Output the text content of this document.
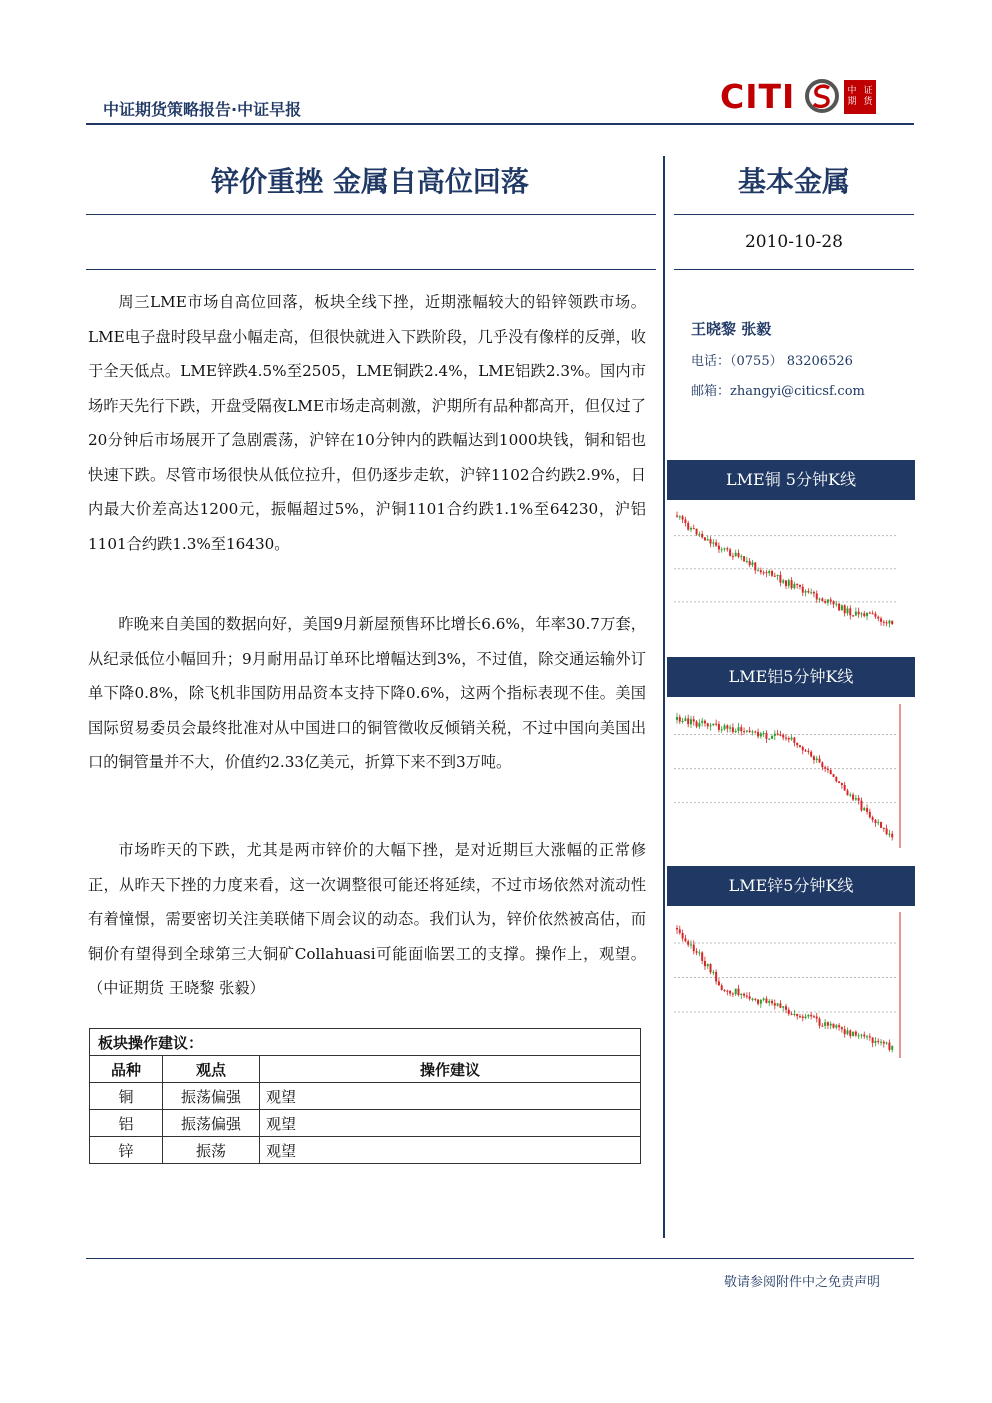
中证期货策略报告·中证早报	CITI	中 证
期 货
锌价重挫 金属自高位回落	基本金属
2010-10-28
王晓黎 张毅
电话：（0755） 83206526
邮箱：zhangyi@citicsf.com

周三LME市场自高位回落，板块全线下挫，近期涨幅较大的铅锌领跌市场。LME电子盘时段早盘小幅走高，但很快就进入下跌阶段，几乎没有像样的反弹，收于全天低点。LME锌跌4.5%至2505，LME铜跌2.4%，LME铝跌2.3%。国内市场昨天先行下跌，开盘受隔夜LME市场走高刺激，沪期所有品种都高开，但仅过了20分钟后市场展开了急剧震荡，沪锌在10分钟内的跌幅达到1000块钱，铜和铝也快速下跌。尽管市场很快从低位拉升，但仍逐步走软，沪锌1102合约跌2.9%，日内最大价差高达1200元，振幅超过5%，沪铜1101合约跌1.1%至64230，沪铝1101合约跌1.3%至16430。

昨晚来自美国的数据向好，美国9月新屋预售环比增长6.6%，年率30.7万套，从纪录低位小幅回升；9月耐用品订单环比增幅达到3%，不过值，除交通运输外订单下降0.8%，除飞机非国防用品资本支持下降0.6%，这两个指标表现不佳。美国国际贸易委员会最终批准对从中国进口的铜管徵收反倾销关税，不过中国向美国出口的铜管量并不大，价值约2.33亿美元，折算下来不到3万吨。

市场昨天的下跌，尤其是两市锌价的大幅下挫，是对近期巨大涨幅的正常修正，从昨天下挫的力度来看，这一次调整很可能还将延续，不过市场依然对流动性有着憧憬，需要密切关注美联储下周会议的动态。我们认为，锌价依然被高估，而铜价有望得到全球第三大铜矿Collahuasi可能面临罢工的支撑。操作上，观望。（中证期货 王晓黎 张毅）

板块操作建议：		
品种	观点	操作建议
铜	振荡偏强	观望
铝	振荡偏强	观望
锌	振荡	观望
LME铜 5分钟K线
LME铝5分钟K线
LME锌5分钟K线
敬请参阅附件中之免责声明
